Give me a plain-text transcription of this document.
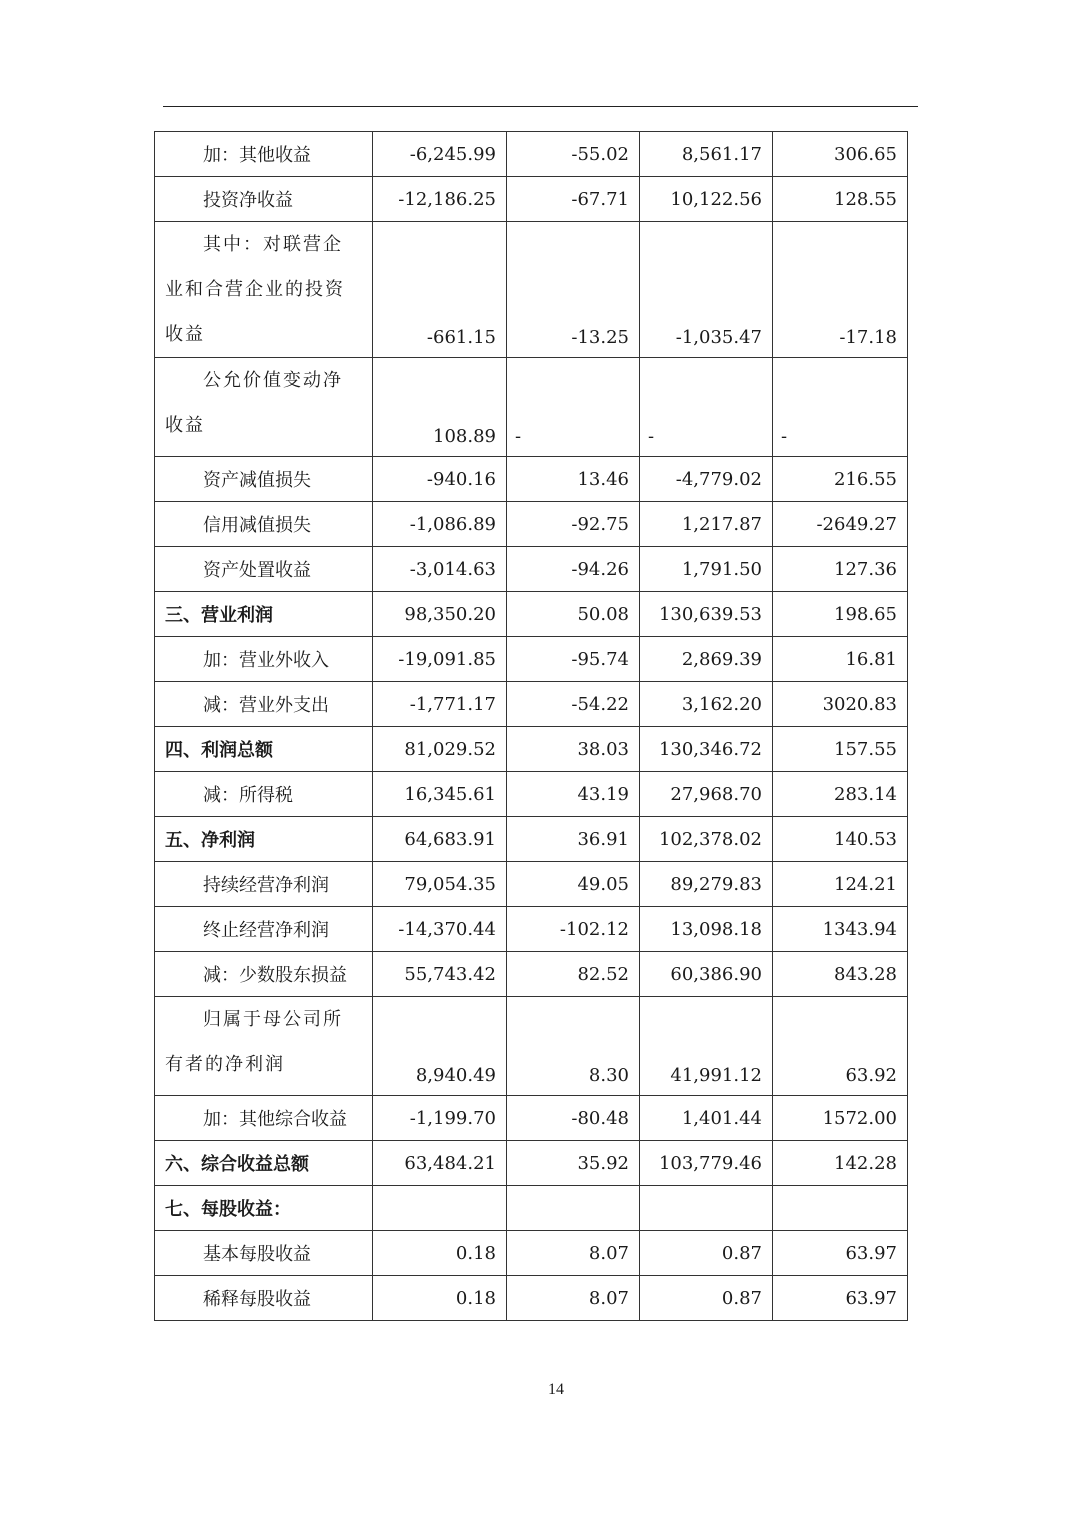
加：其他收益	-6,245.99	-55.02	8,561.17	306.65

投资净收益	-12,186.25	-67.71	10,122.56	128.55

其中：对联营企业和合营企业的投资收益	-661.15	-13.25	-1,035.47	-17.18

公允价值变动净收益	108.89	-	-	-

资产减值损失	-940.16	13.46	-4,779.02	216.55

信用减值损失	-1,086.89	-92.75	1,217.87	-2649.27

资产处置收益	-3,014.63	-94.26	1,791.50	127.36

三、营业利润	98,350.20	50.08	130,639.53	198.65

加：营业外收入	-19,091.85	-95.74	2,869.39	16.81

减：营业外支出	-1,771.17	-54.22	3,162.20	3020.83

四、利润总额	81,029.52	38.03	130,346.72	157.55

减：所得税	16,345.61	43.19	27,968.70	283.14

五、净利润	64,683.91	36.91	102,378.02	140.53

持续经营净利润	79,054.35	49.05	89,279.83	124.21

终止经营净利润	-14,370.44	-102.12	13,098.18	1343.94

减：少数股东损益	55,743.42	82.52	60,386.90	843.28

归属于母公司所有者的净利润	8,940.49	8.30	41,991.12	63.92

加：其他综合收益	-1,199.70	-80.48	1,401.44	1572.00

六、综合收益总额	63,484.21	35.92	103,779.46	142.28

七、每股收益：				

基本每股收益	0.18	8.07	0.87	63.97

稀释每股收益	0.18	8.07	0.87	63.97
14
